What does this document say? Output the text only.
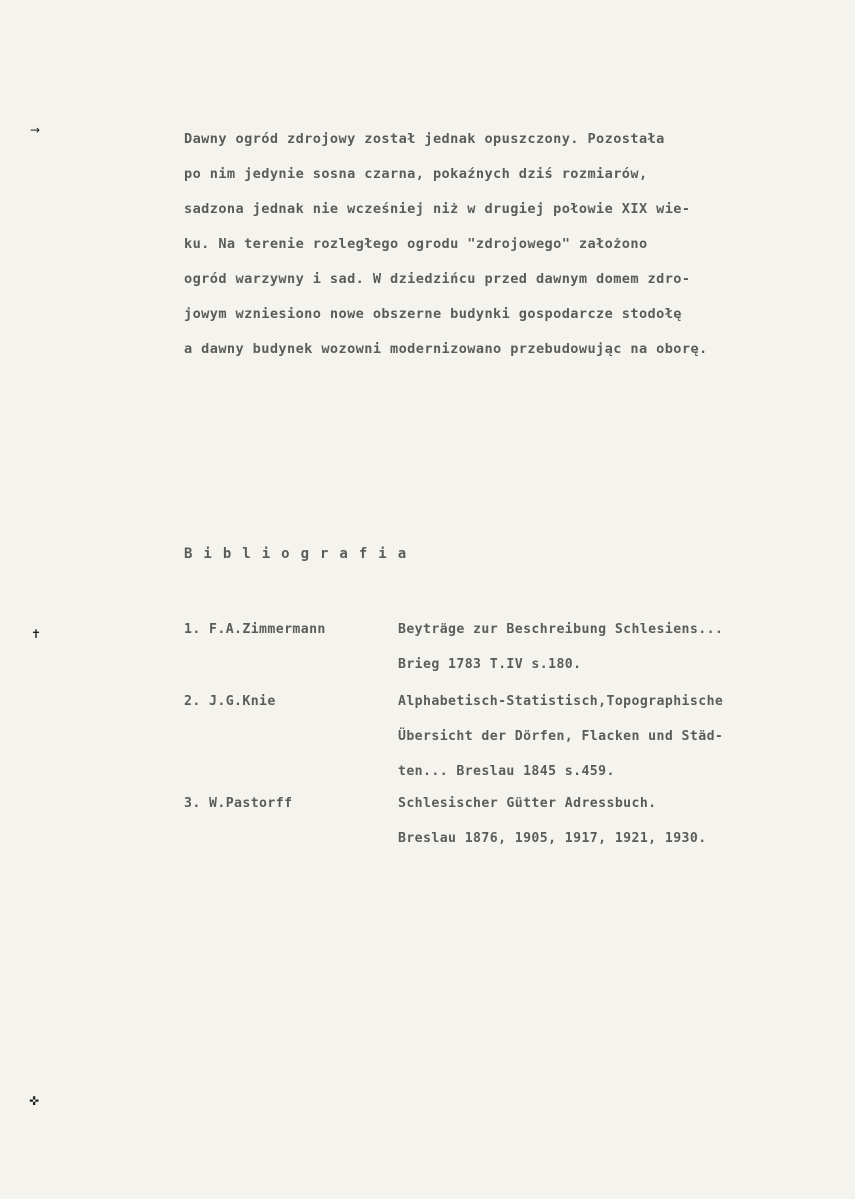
→
✝
✜
Dawny ogród zdrojowy został jednak opuszczony. Pozostała
po nim jedynie sosna czarna, pokaźnych dziś rozmiarów,
sadzona jednak nie wcześniej niż w drugiej połowie XIX wie-
ku. Na terenie rozległego ogrodu "zdrojowego" założono
ogród warzywny i sad. W dziedzińcu przed dawnym domem zdro-
jowym wzniesiono nowe obszerne budynki gospodarcze stodołę
a dawny budynek wozowni modernizowano przebudowując na oborę.
Bibliografia
1. F.A.Zimmermann	Beyträge zur Beschreibung Schlesiens...
Brieg 1783 T.IV s.180.
2. J.G.Knie	Alphabetisch-Statistisch,Topographische
Übersicht der Dörfen, Flacken und Städ-
ten... Breslau 1845 s.459.
3. W.Pastorff	Schlesischer Gütter Adressbuch.
Breslau 1876, 1905, 1917, 1921, 1930.
